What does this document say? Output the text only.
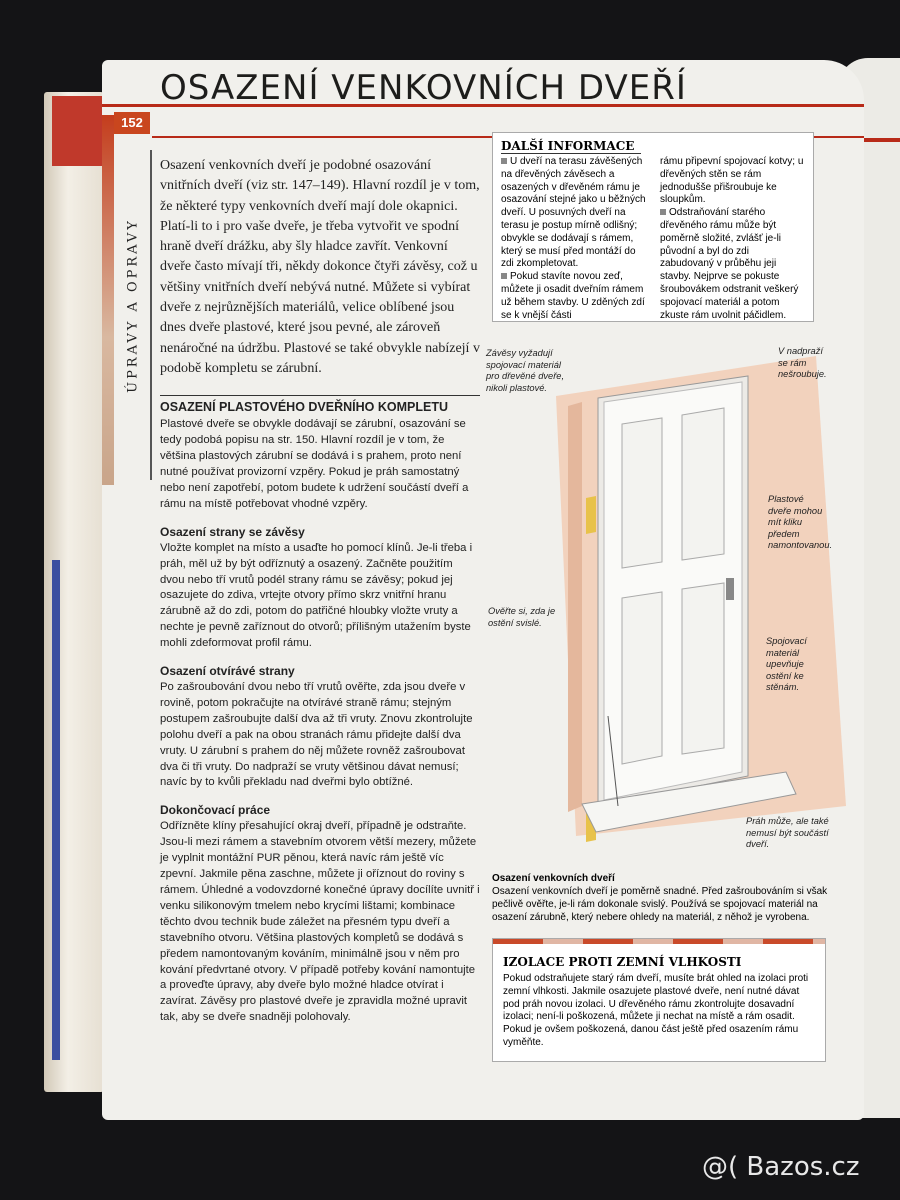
152
OSAZENÍ VENKOVNÍCH DVEŘÍ
ÚPRAVY A OPRAVY

Osazení venkovních dveří je podobné osazování vnitřních dveří (viz str. 147–149). Hlavní rozdíl je v tom, že některé typy venkovních dveří mají dole okapnici. Platí-li to i pro vaše dveře, je třeba vytvořit ve spodní hraně dveří drážku, aby šly hladce zavřít. Venkovní dveře často mívají tři, někdy dokonce čtyři závěsy, což u většiny vnitřních dveří nebývá nutné. Můžete si vybírat dveře z nejrůznějších materiálů, velice oblíbené jsou dnes dveře plastové, které jsou pevné, ale zároveň nenáročné na údržbu. Plastové se také obvykle nabízejí v podobě kompletu se zárubní.

OSAZENÍ PLASTOVÉHO DVEŘNÍHO KOMPLETU

Plastové dveře se obvykle dodávají se zárubní, osazování se tedy podobá popisu na str. 150. Hlavní rozdíl je v tom, že většina plastových zárubní se dodává i s prahem, proto není nutné používat provizorní vzpěry. Pokud je práh samostatný nebo není zapotřebí, potom budete k udržení součástí dveří a rámu na místě potřebovat vhodné vzpěry.

Osazení strany se závěsy

Vložte komplet na místo a usaďte ho pomocí klínů. Je-li třeba i práh, měl už by být odříznutý a osazený. Začněte použitím dvou nebo tří vrutů podél strany rámu se závěsy; pokud jej osazujete do zdiva, vrtejte otvory přímo skrz vnitřní hranu zárubně až do zdi, potom do patřičné hloubky vložte vruty a nechte je pevně zaříznout do otvorů; přílišným utažením byste mohli zdeformovat profil rámu.

Osazení otvírávé strany

Po zašroubování dvou nebo tří vrutů ověřte, zda jsou dveře v rovině, potom pokračujte na otvírávé straně rámu; stejným postupem zašroubujte další dva až tři vruty. Znovu zkontrolujte polohu dveří a pak na obou stranách rámu přidejte další dva vruty. U zárubní s prahem do něj můžete rovněž zašroubovat dva či tři vruty. Do nadpraží se vruty většinou dávat nemusí; navíc by to kvůli překladu nad dveřmi bylo obtížné.

Dokončovací práce

Odřízněte klíny přesahující okraj dveří, případně je odstraňte. Jsou-li mezi rámem a stavebním otvorem větší mezery, můžete je vyplnit montážní PUR pěnou, která navíc rám ještě víc zpevní. Jakmile pěna zaschne, můžete ji oříznout do roviny s rámem. Úhledné a vodovzdorné konečné úpravy docílíte uvnitř i venku silikonovým tmelem nebo krycími lištami; kombinace těchto dvou technik bude záležet na přesném typu dveří a stavebního otvoru. Většina plastových kompletů se dodává s předem namontovaným kováním, minimálně jsou v něm pro kování předvrtané otvory. V případě potřeby kování namontujte a proveďte úpravy, aby dveře bylo možné hladce otvírat i zavírat. Závěsy pro plastové dveře je zpravidla možné upravit tak, aby se dveře snadněji polohovaly.

DALŠÍ INFORMACE
U dveří na terasu závěšených na dřevěných závěsech a osazených v dřevěném rámu je osazování stejné jako u běžných dveří. U posuvných dveří na terasu je postup mírně odlišný; obvykle se dodávají s rámem, který se musí před montáží do zdi zkompletovat.
Pokud stavíte novou zeď, můžete ji osadit dveřním rámem už během stavby. U zděných zdí se k vnější části
rámu připevní spojovací kotvy; u dřevěných stěn se rám jednodušše přišroubuje ke sloupkům.
Odstraňování starého dřevěného rámu může být poměrně složité, zvlášť je-li původní a byl do zdi zabudovaný v průběhu jeji stavby. Nejprve se pokuste šroubovákem odstranit veškerý spojovací materiál a potom zkuste rám uvolnit páčidlem.
Závěsy vyžadují spojovací materiál pro dřevěné dveře, nikoli plastové.
V nadpraží se rám nešroubuje.
Plastové dveře mohou mít kliku předem namontovanou.
Ověřte si, zda je ostění svislé.
Spojovací materiál upevňuje ostění ke stěnám.
Práh může, ale také nemusí být součástí dveří.
Osazení venkovních dveří
Osazení venkovních dveří je poměrně snadné. Před zašroubováním si však pečlivě ověřte, je-li rám dokonale svislý. Používá se spojovací materiál na osazení zárubně, který nebere ohledy na materiál, z něhož je vyrobena.
IZOLACE PROTI ZEMNÍ VLHKOSTI

Pokud odstraňujete starý rám dveří, musíte brát ohled na izolaci proti zemní vlhkosti. Jakmile osazujete plastové dveře, není nutné dávat pod práh novou izolaci. U dřevěného rámu zkontrolujte dosavadní izolaci; není-li poškozená, můžete ji nechat na místě a rám osadit. Pokud je ovšem poškozená, danou část ještě před osazením rámu vyměňte.

@( Bazos.cz
